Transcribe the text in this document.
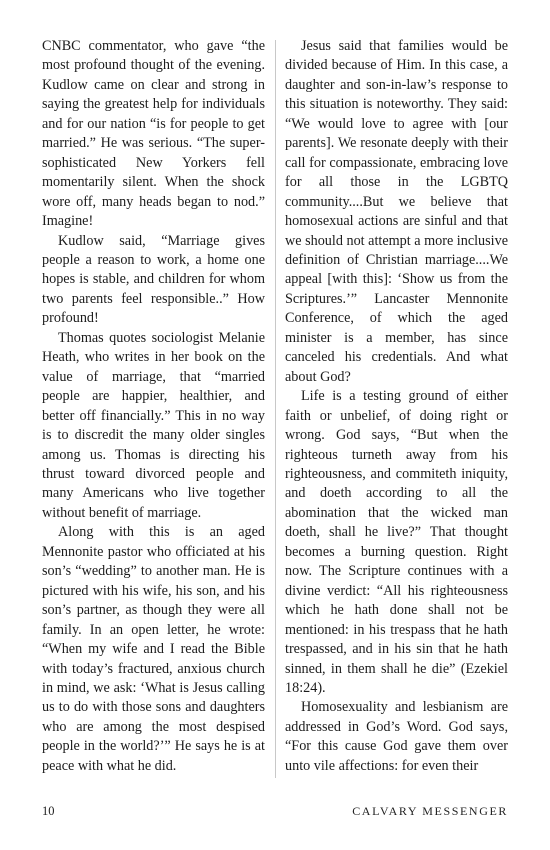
CNBC commentator, who gave “the most profound thought of the evening. Kudlow came on clear and strong in saying the greatest help for individuals and for our nation “is for people to get married.” He was serious. “The super-sophisticated New Yorkers fell momentarily silent. When the shock wore off, many heads began to nod.” Imagine!

Kudlow said, “Marriage gives people a reason to work, a home one hopes is stable, and children for whom two parents feel responsible..” How profound!

Thomas quotes sociologist Melanie Heath, who writes in her book on the value of marriage, that “married people are happier, healthier, and better off financially.” This in no way is to discredit the many older singles among us. Thomas is directing his thrust toward divorced people and many Americans who live together without benefit of marriage.

Along with this is an aged Mennonite pastor who officiated at his son’s “wedding” to another man. He is pictured with his wife, his son, and his son’s partner, as though they were all family. In an open letter, he wrote: “When my wife and I read the Bible with today’s fractured, anxious church in mind, we ask: ‘What is Jesus calling us to do with those sons and daughters who are among the most despised people in the world?’” He says he is at peace with what he did.

Jesus said that families would be divided because of Him. In this case, a daughter and son-in-law’s response to this situation is noteworthy. They said: “We would love to agree with [our parents]. We resonate deeply with their call for compassionate, embracing love for all those in the LGBTQ community....But we believe that homosexual actions are sinful and that we should not attempt a more inclusive definition of Christian marriage....We appeal [with this]: ‘Show us from the Scriptures.’” Lancaster Mennonite Conference, of which the aged minister is a member, has since canceled his credentials. And what about God?

Life is a testing ground of either faith or unbelief, of doing right or wrong. God says, “But when the righteous turneth away from his righteousness, and commiteth iniquity, and doeth according to all the abomination that the wicked man doeth, shall he live?” That thought becomes a burning question. Right now. The Scripture continues with a divine verdict: “All his righteousness which he hath done shall not be mentioned: in his trespass that he hath trespassed, and in his sin that he hath sinned, in them shall he die” (Ezekiel 18:24).

Homosexuality and lesbianism are addressed in God’s Word. God says, “For this cause God gave them over unto vile affections: for even their

10	CALVARY MESSENGER
